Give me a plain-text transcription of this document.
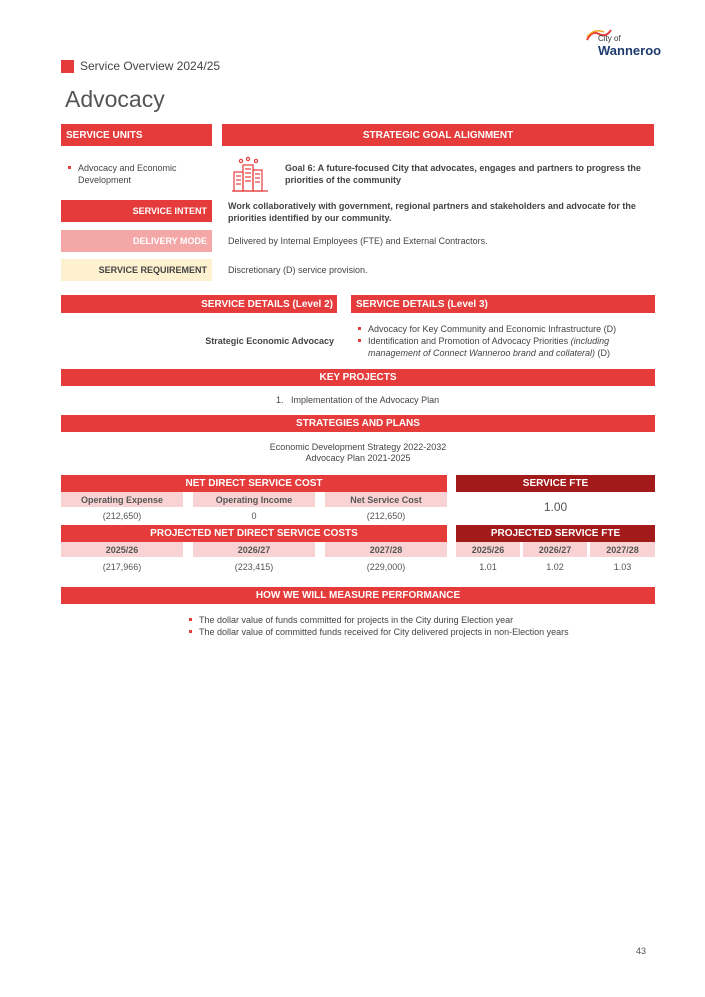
City of
Wanneroo
Service Overview 2024/25
Advocacy
SERVICE UNITS	STRATEGIC GOAL ALIGNMENT
Advocacy and Economic Development
Goal 6: A future-focused City that advocates, engages and partners to progress the priorities of the community
SERVICE INTENT	Work collaboratively with government, regional partners and stakeholders and advocate for the priorities identified by our community.
DELIVERY MODE	Delivered by Internal Employees (FTE) and External Contractors.
SERVICE REQUIREMENT	Discretionary (D) service provision.
SERVICE DETAILS (Level 2)	SERVICE DETAILS (Level 3)
Strategic Economic Advocacy
Advocacy for Key Community and Economic Infrastructure (D)
Identification and Promotion of Advocacy Priorities (including management of Connect Wanneroo brand and collateral) (D)
KEY PROJECTS
1.   Implementation of the Advocacy Plan
STRATEGIES AND PLANS
Economic Development Strategy 2022-2032
Advocacy Plan 2021-2025
NET DIRECT SERVICE COST
Operating Expense	Operating Income	Net Service Cost
(212,650)	0	(212,650)
SERVICE FTE
1.00
PROJECTED NET DIRECT SERVICE COSTS
2025/26	2026/27	2027/28
(217,966)	(223,415)	(229,000)
PROJECTED SERVICE FTE
2025/26	2026/27	2027/28
1.01	1.02	1.03
HOW WE WILL MEASURE PERFORMANCE
The dollar value of funds committed for projects in the City during Election year
The dollar value of committed funds received for City delivered projects in non-Election years
43
